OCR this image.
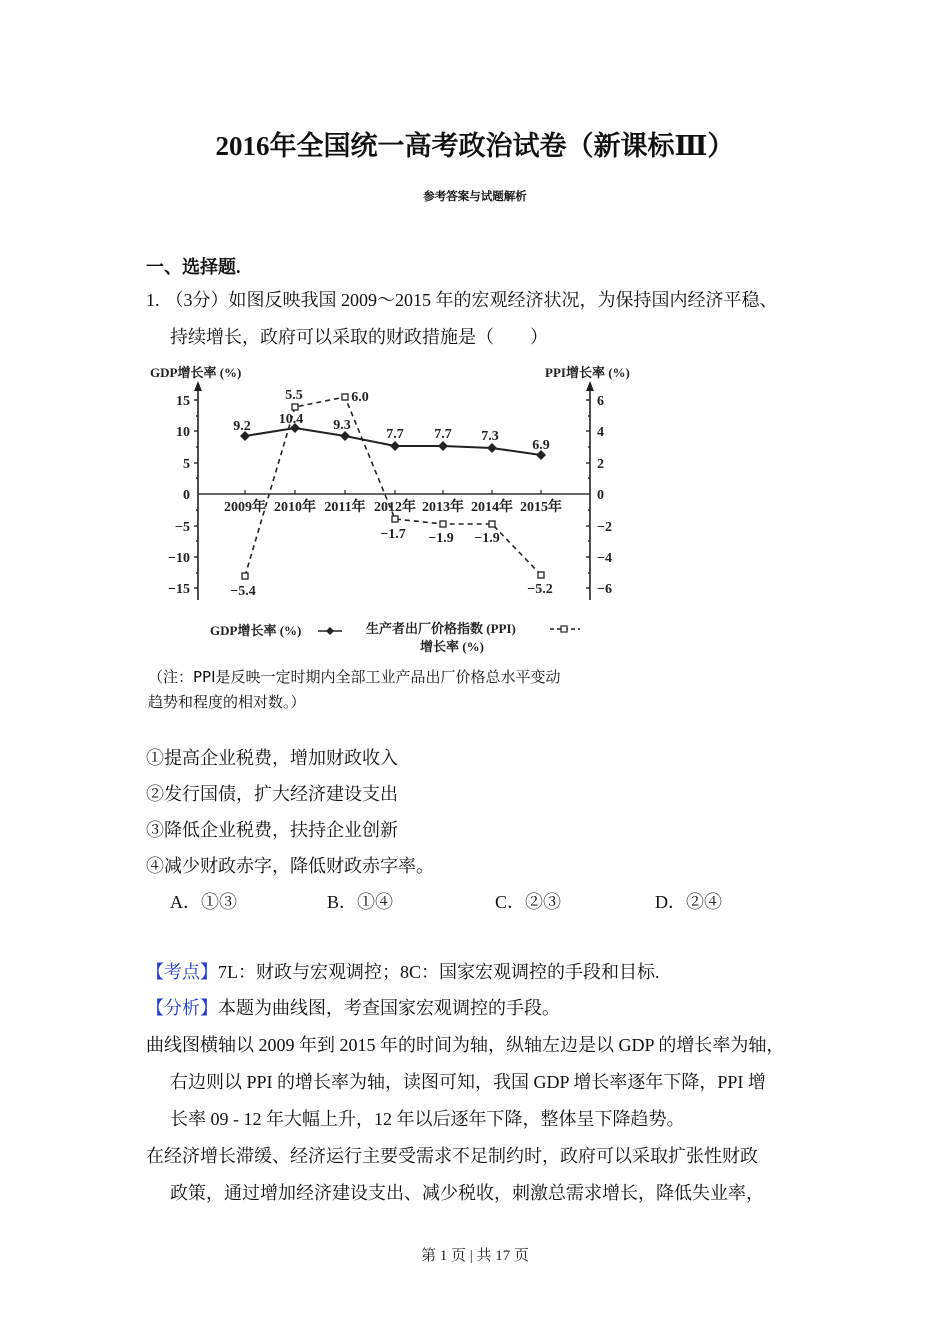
2016年全国统一高考政治试卷（新课标Ⅲ）
参考答案与试题解析
一、选择题.
1. （3分）如图反映我国 2009～2015 年的宏观经济状况，为保持国内经济平稳、
持续增长，政府可以采取的财政措施是（　　）
GDP增长率 (%)	PPI增长率 (%)
15
10
5
0
−5
−10
−15
6
4
2
0
−2
−4
−6
2009年 2010年 2011年 2012年 2013年 2014年 2015年
9.2 10.4 9.3
7.7 7.7 7.3
6.9
−5.4
5.5	6.0
−1.7 −1.9 −1.9
−5.2
GDP增长率 (%)	生产者出厂价格指数 (PPI)
增长率 (%)
（注：PPI是反映一定时期内全部工业产品出厂价格总水平变动
趋势和程度的相对数。）
①提高企业税费，增加财政收入
②发行国债，扩大经济建设支出
③降低企业税费，扶持企业创新
④减少财政赤字，降低财政赤字率。
A．①③	B．①④	C．②③	D．②④
【考点】7L：财政与宏观调控；8C：国家宏观调控的手段和目标.
【分析】本题为曲线图，考查国家宏观调控的手段。
曲线图横轴以 2009 年到 2015 年的时间为轴，纵轴左边是以 GDP 的增长率为轴，
右边则以 PPI 的增长率为轴，读图可知，我国 GDP 增长率逐年下降，PPI 增
长率 09 - 12 年大幅上升，12 年以后逐年下降，整体呈下降趋势。
在经济增长滞缓、经济运行主要受需求不足制约时，政府可以采取扩张性财政
政策，通过增加经济建设支出、减少税收，刺激总需求增长，降低失业率，
第 1 页 | 共 17 页
